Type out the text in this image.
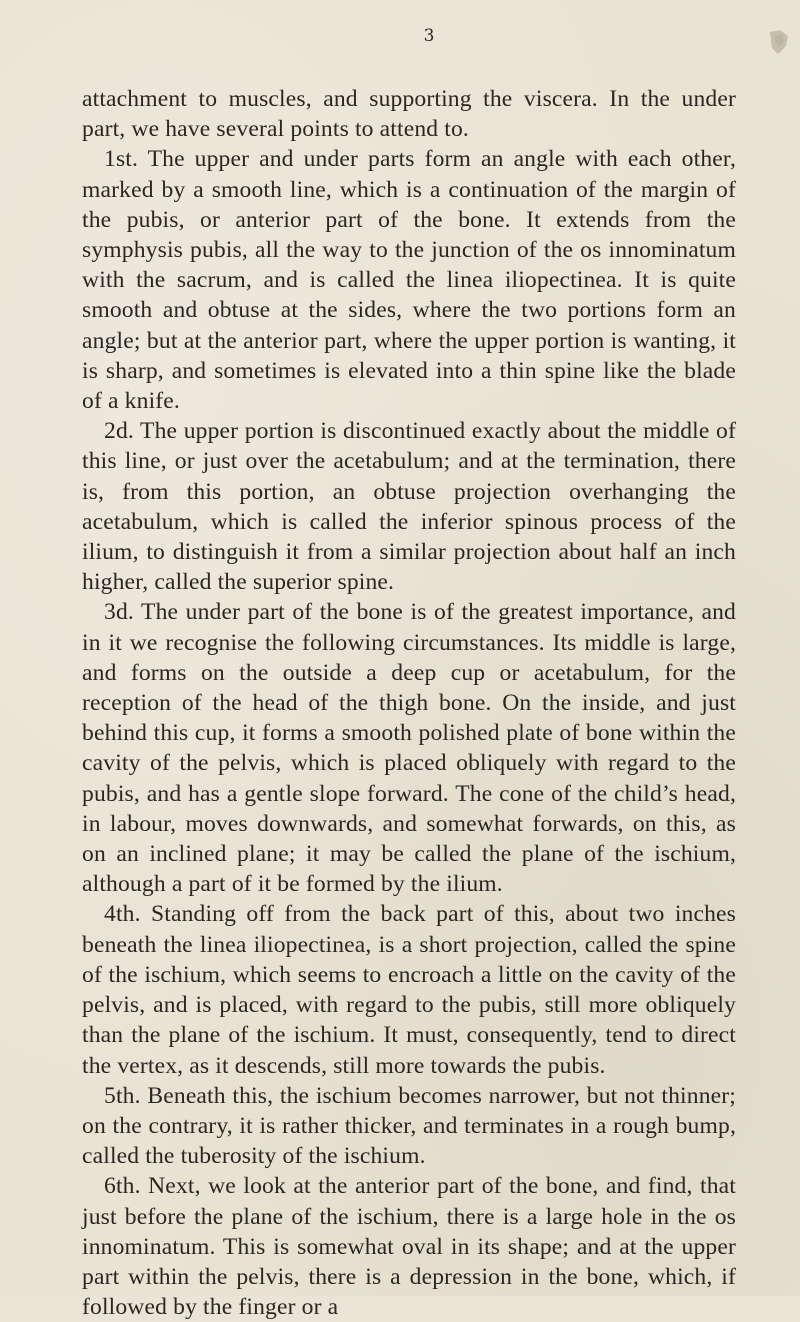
3

attachment to muscles, and supporting the viscera. In the under part, we have several points to attend to.

1st. The upper and under parts form an angle with each other, marked by a smooth line, which is a continuation of the margin of the pubis, or anterior part of the bone. It extends from the symphysis pubis, all the way to the junction of the os innominatum with the sacrum, and is called the linea iliopectinea. It is quite smooth and obtuse at the sides, where the two portions form an angle; but at the anterior part, where the upper portion is wanting, it is sharp, and sometimes is elevated into a thin spine like the blade of a knife.

2d. The upper portion is discontinued exactly about the middle of this line, or just over the acetabulum; and at the termination, there is, from this portion, an obtuse projection overhanging the acetabulum, which is called the inferior spinous process of the ilium, to distinguish it from a similar projection about half an inch higher, called the superior spine.

3d. The under part of the bone is of the greatest importance, and in it we recognise the following circumstances. Its middle is large, and forms on the outside a deep cup or acetabulum, for the reception of the head of the thigh bone. On the inside, and just behind this cup, it forms a smooth polished plate of bone within the cavity of the pelvis, which is placed obliquely with regard to the pubis, and has a gentle slope forward. The cone of the child’s head, in labour, moves downwards, and somewhat forwards, on this, as on an inclined plane; it may be called the plane of the ischium, although a part of it be formed by the ilium.

4th. Standing off from the back part of this, about two inches beneath the linea iliopectinea, is a short projection, called the spine of the ischium, which seems to encroach a little on the cavity of the pelvis, and is placed, with regard to the pubis, still more obliquely than the plane of the ischium. It must, consequently, tend to direct the vertex, as it descends, still more towards the pubis.

5th. Beneath this, the ischium becomes narrower, but not thinner; on the contrary, it is rather thicker, and terminates in a rough bump, called the tuberosity of the ischium.

6th. Next, we look at the anterior part of the bone, and find, that just before the plane of the ischium, there is a large hole in the os innominatum. This is somewhat oval in its shape; and at the upper part within the pelvis, there is a depression in the bone, which, if followed by the finger or a
